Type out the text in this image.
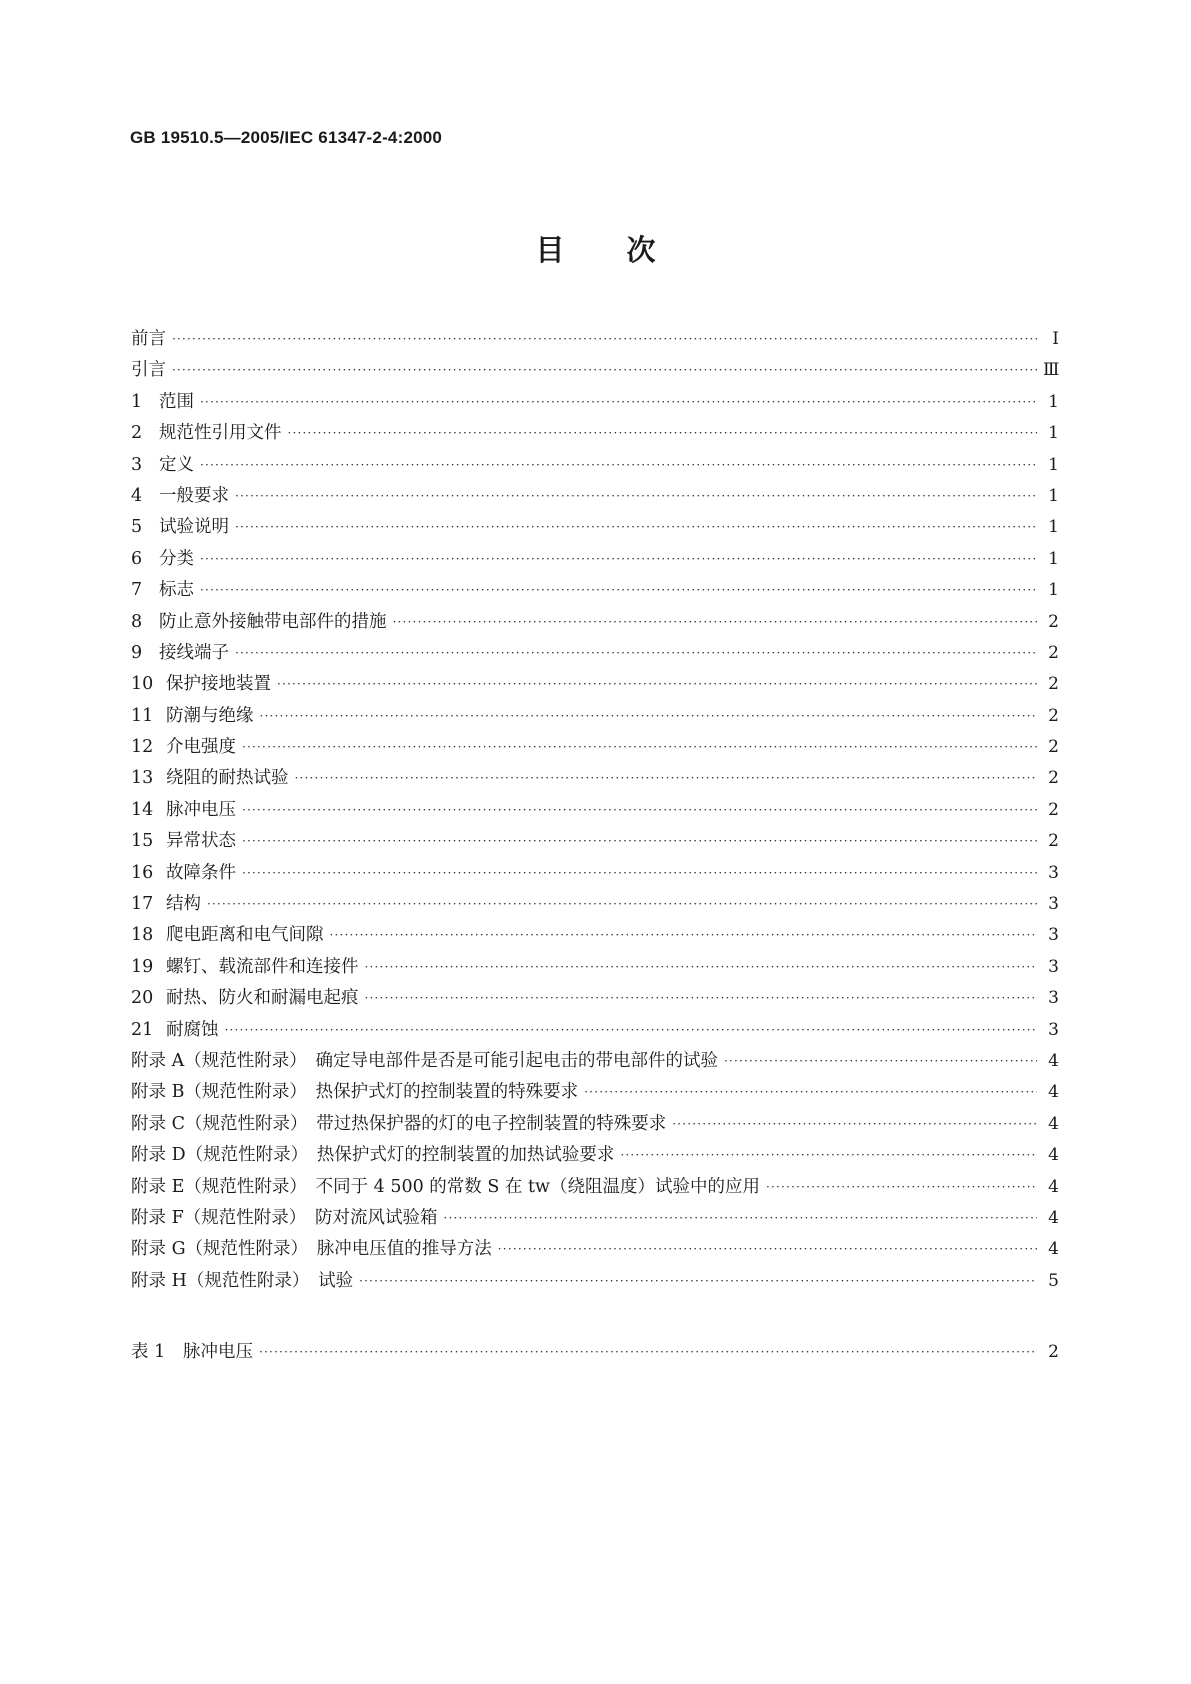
GB 19510.5—2005/IEC 61347-2-4:2000
目次
前言 ·····	I
引言 ·····	Ⅲ
1 范围 ·····	1
2 规范性引用文件 ·····	1
3 定义 ·····	1
4 一般要求 ·····	1
5 试验说明 ·····	1
6 分类 ·····	1
7 标志 ·····	1
8 防止意外接触带电部件的措施 ·····	2
9 接线端子 ·····	2
10 保护接地装置 ·····	2
11 防潮与绝缘 ·····	2
12 介电强度 ·····	2
13 绕阻的耐热试验 ·····	2
14 脉冲电压 ·····	2
15 异常状态 ·····	2
16 故障条件 ·····	3
17 结构 ·····	3
18 爬电距离和电气间隙 ·····	3
19 螺钉、载流部件和连接件 ·····	3
20 耐热、防火和耐漏电起痕 ·····	3
21 耐腐蚀 ·····	3
附录 A（规范性附录）　确定导电部件是否是可能引起电击的带电部件的试验 ·····	4
附录 B（规范性附录）　热保护式灯的控制装置的特殊要求 ·····	4
附录 C（规范性附录）　带过热保护器的灯的电子控制装置的特殊要求 ·····	4
附录 D（规范性附录）　热保护式灯的控制装置的加热试验要求 ·····	4
附录 E（规范性附录）　不同于 4 500 的常数 S 在 tw（绕阻温度）试验中的应用 ·····	4
附录 F（规范性附录）　防对流风试验箱 ·····	4
附录 G（规范性附录）　脉冲电压值的推导方法 ·····	4
附录 H（规范性附录）　试验 ·····	5
表 1	脉冲电压 ·····	2
